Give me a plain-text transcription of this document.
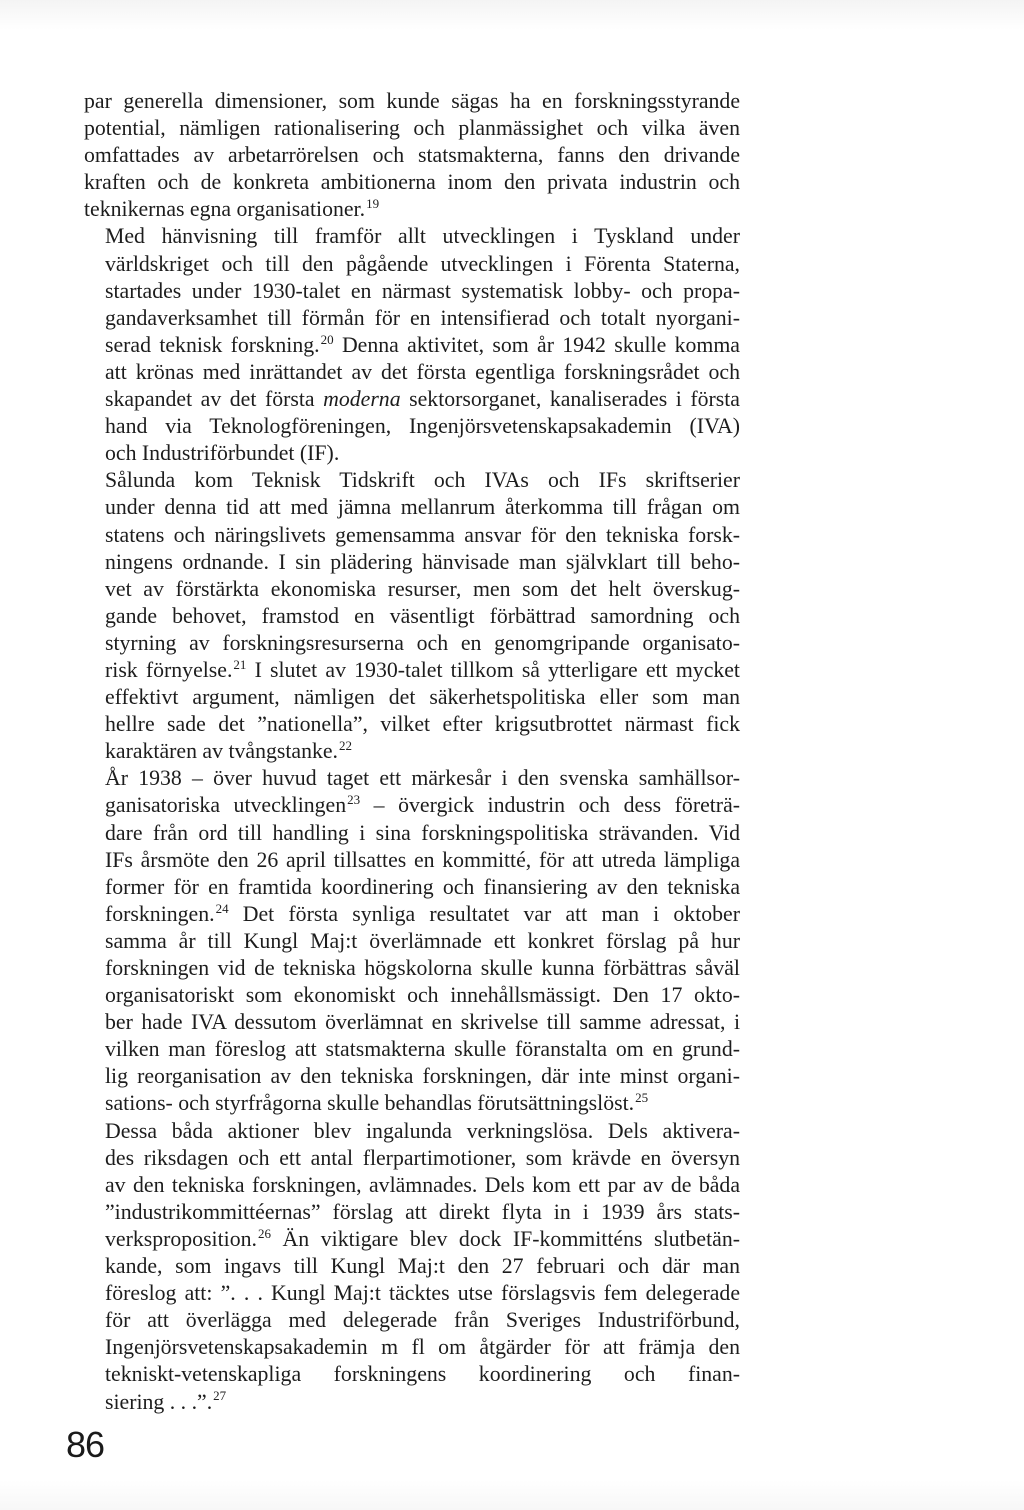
par generella dimensioner, som kunde sägas ha en forskningsstyrande
potential, nämligen rationalisering och planmässighet och vilka även
omfattades av arbetarrörelsen och statsmakterna, fanns den drivande
kraften och de konkreta ambitionerna inom den privata industrin och
teknikernas egna organisationer.$^{19}$

Med hänvisning till framför allt utvecklingen i Tyskland under
världskriget och till den pågående utvecklingen i Förenta Staterna,
startades under 1930-talet en närmast systematisk lobby- och propa-
gandaverksamhet till förmån för en intensifierad och totalt nyorgani-
serad teknisk forskning.$^{20}$ Denna aktivitet, som år 1942 skulle komma
att krönas med inrättandet av det första egentliga forskningsrådet och
skapandet av det första moderna sektorsorganet, kanaliserades i första
hand via Teknologföreningen, Ingenjörsvetenskapsakademin (IVA)
och Industriförbundet (IF).

Sålunda kom Teknisk Tidskrift och IVAs och IFs skriftserier
under denna tid att med jämna mellanrum återkomma till frågan om
statens och näringslivets gemensamma ansvar för den tekniska forsk-
ningens ordnande. I sin plädering hänvisade man självklart till beho-
vet av förstärkta ekonomiska resurser, men som det helt överskug-
gande behovet, framstod en väsentligt förbättrad samordning och
styrning av forskningsresurserna och en genomgripande organisato-
risk förnyelse.$^{21}$ I slutet av 1930-talet tillkom så ytterligare ett mycket
effektivt argument, nämligen det säkerhetspolitiska eller som man
hellre sade det ”nationella”, vilket efter krigsutbrottet närmast fick
karaktären av tvångstanke.$^{22}$

År 1938 – över huvud taget ett märkesår i den svenska samhällsor-
ganisatoriska utvecklingen$^{23}$ – övergick industrin och dess företrä-
dare från ord till handling i sina forskningspolitiska strävanden. Vid
IFs årsmöte den 26 april tillsattes en kommitté, för att utreda lämpliga
former för en framtida koordinering och finansiering av den tekniska
forskningen.$^{24}$ Det första synliga resultatet var att man i oktober
samma år till Kungl Maj:t överlämnade ett konkret förslag på hur
forskningen vid de tekniska högskolorna skulle kunna förbättras såväl
organisatoriskt som ekonomiskt och innehållsmässigt. Den 17 okto-
ber hade IVA dessutom överlämnat en skrivelse till samme adressat, i
vilken man föreslog att statsmakterna skulle föranstalta om en grund-
lig reorganisation av den tekniska forskningen, där inte minst organi-
sations- och styrfrågorna skulle behandlas förutsättningslöst.$^{25}$

Dessa båda aktioner blev ingalunda verkningslösa. Dels aktivera-
des riksdagen och ett antal flerpartimotioner, som krävde en översyn
av den tekniska forskningen, avlämnades. Dels kom ett par av de båda
”industrikommittéernas” förslag att direkt flyta in i 1939 års stats-
verksproposition.$^{26}$ Än viktigare blev dock IF-kommitténs slutbetän-
kande, som ingavs till Kungl Maj:t den 27 februari och där man
föreslog att: ”. . . Kungl Maj:t täcktes utse förslagsvis fem delegerade
för att överlägga med delegerade från Sveriges Industriförbund,
Ingenjörsvetenskapsakademin m fl om åtgärder för att främja den
tekniskt-vetenskapliga forskningens koordinering och finan-
siering . . .”.$^{27}$

86
